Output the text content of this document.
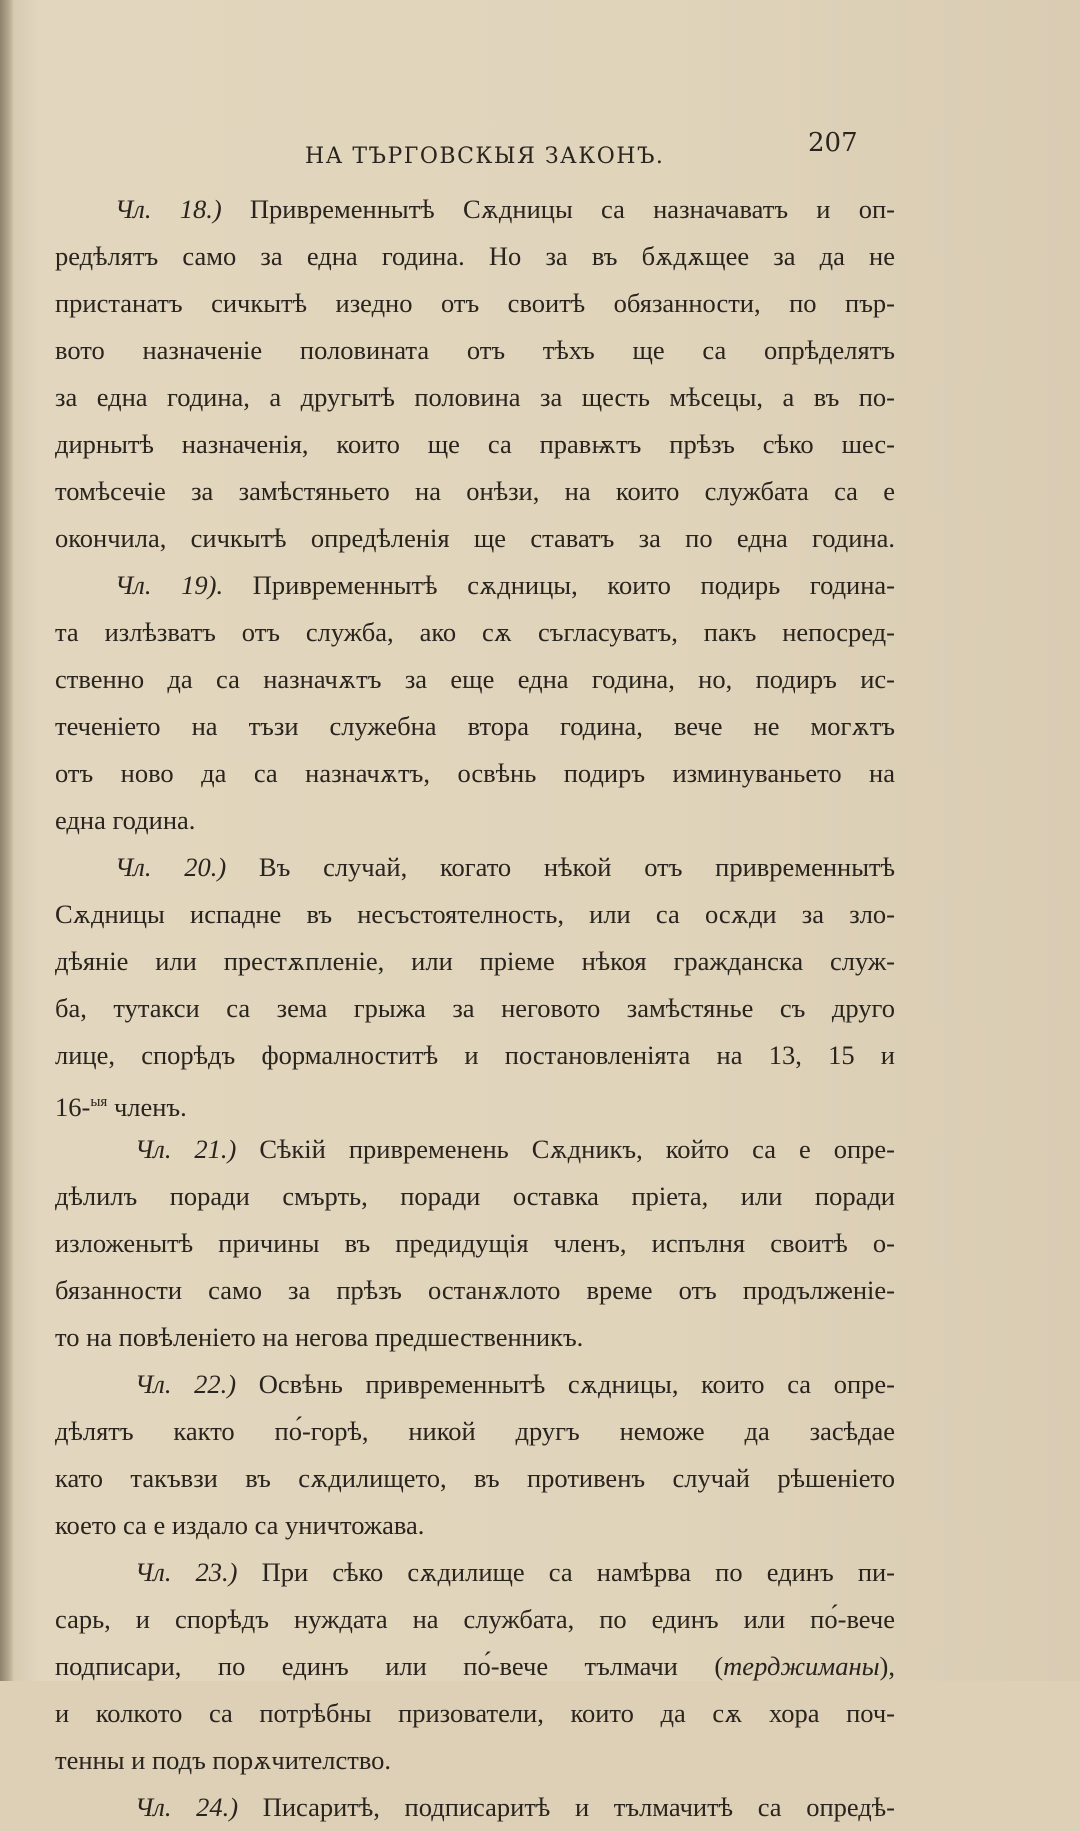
НА ТЪРГОВСКЫЯ ЗАКОНЪ.	207
Чл. 18.) Привременнытѣ Сѫдницы са назначаватъ и оп-
редѣлятъ само за една година. Но за въ бѫдѫщее за да не
пристанатъ сичкытѣ изедно отъ своитѣ обязанности, по пър-
вото назначеніе половината отъ тѣхъ ще са опрѣделятъ
за една година, а другытѣ половина за щесть мѣсецы, а въ по-
дирнытѣ назначенія, които ще са правѭтъ прѣзъ сѣко шес-
томѣсечіе за замѣстяньето на онѣзи, на които службата са е
окончила, сичкытѣ опредѣленія ще ставатъ за по една година.
Чл. 19). Привременнытѣ сѫдницы, които подирь година-
та излѣзватъ отъ служба, ако сѫ съгласуватъ, пакъ непосред-
ственно да са назначѫтъ за еще една година, но, подиръ ис-
теченіето на тъзи служебна втора година, вече не могѫтъ
отъ ново да са назначѫтъ, освѣнь подиръ изминуваньето на
една година.
Чл. 20.) Въ случай, когато нѣкой отъ привременнытѣ
Сѫдницы испадне въ несъстоятелность, или са осѫди за зло-
дѣяніе или престѫпленіе, или пріеме нѣкоя гражданска служ-
ба, тутакси са зема грыжа за неговото замѣстянье съ друго
лице, спорѣдъ формалноститѣ и постановленіята на 13, 15 и
16-$^{ыя}$ членъ.
Чл. 21.) Сѣкій привременень Сѫдникъ, който са е опре-
дѣлилъ поради смърть, поради оставка пріета, или поради
изложенытѣ причины въ предидущія членъ, испълня своитѣ о-
бязанности само за прѣзъ останѫлото време отъ продълженіе-
то на повѣленіето на негова предшественникъ.
Чл. 22.) Освѣнь привременнытѣ сѫдницы, които са опре-
дѣлятъ както по́-горѣ, никой другъ неможе да засѣдае
като такъвзи въ сѫдилището, въ противенъ случай рѣшеніето
което са е издало са уничтожава.
Чл. 23.) При сѣко сѫдилище са намѣрва по единъ пи-
сарь, и спорѣдъ нуждата на службата, по единъ или по́-вече
подписари, по единъ или по́-вече тълмачи (терджиманы),
и колкото са потрѣбны призователи, които да сѫ хора поч-
тенны и подъ порѫчителство.
Чл. 24.) Писаритѣ, подписаритѣ и тълмачитѣ са опредѣ-
